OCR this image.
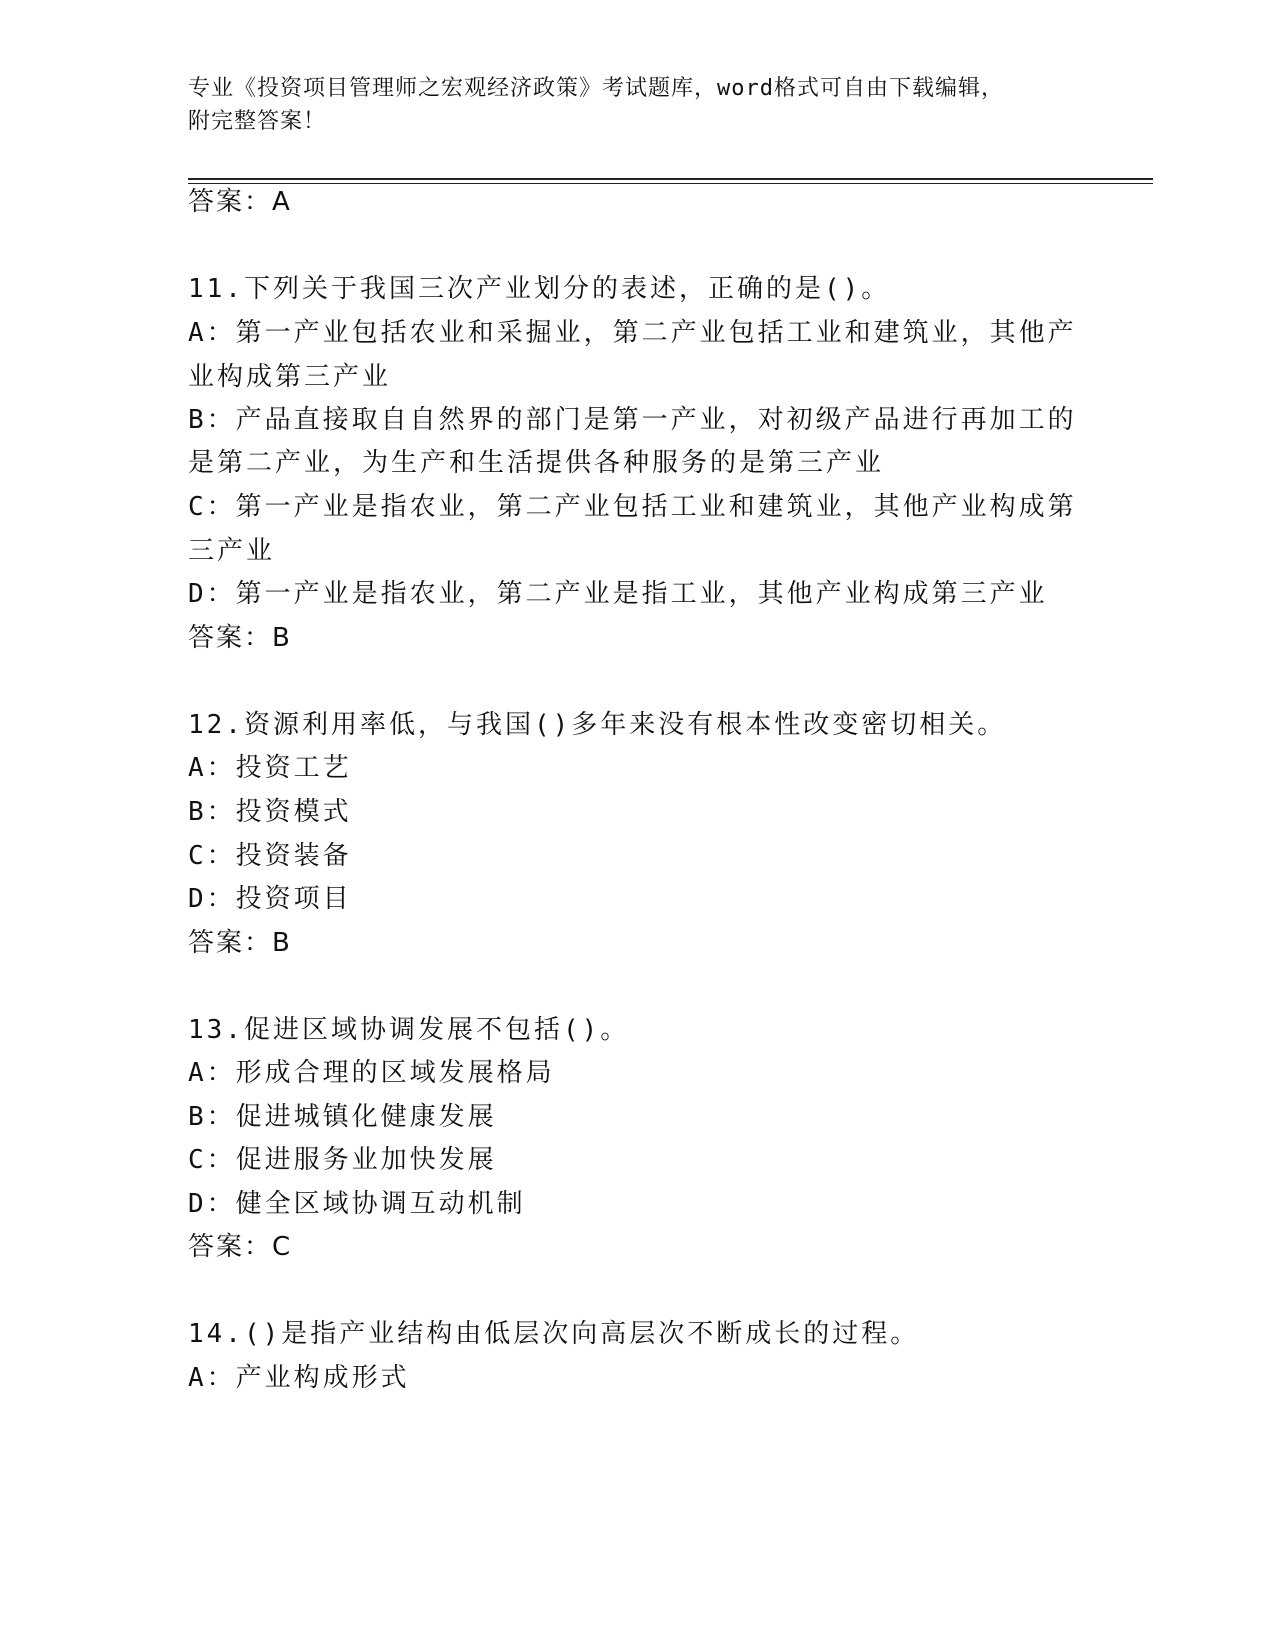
专业《投资项目管理师之宏观经济政策》考试题库，word格式可自由下载编辑，
附完整答案！
答案：A
11.下列关于我国三次产业划分的表述，正确的是()。
A：第一产业包括农业和采掘业，第二产业包括工业和建筑业，其他产
业构成第三产业
B：产品直接取自自然界的部门是第一产业，对初级产品进行再加工的
是第二产业，为生产和生活提供各种服务的是第三产业
C：第一产业是指农业，第二产业包括工业和建筑业，其他产业构成第
三产业
D：第一产业是指农业，第二产业是指工业，其他产业构成第三产业
答案：B
12.资源利用率低，与我国()多年来没有根本性改变密切相关。
A：投资工艺
B：投资模式
C：投资装备
D：投资项目
答案：B
13.促进区域协调发展不包括()。
A：形成合理的区域发展格局
B：促进城镇化健康发展
C：促进服务业加快发展
D：健全区域协调互动机制
答案：C
14.()是指产业结构由低层次向高层次不断成长的过程。
A：产业构成形式
